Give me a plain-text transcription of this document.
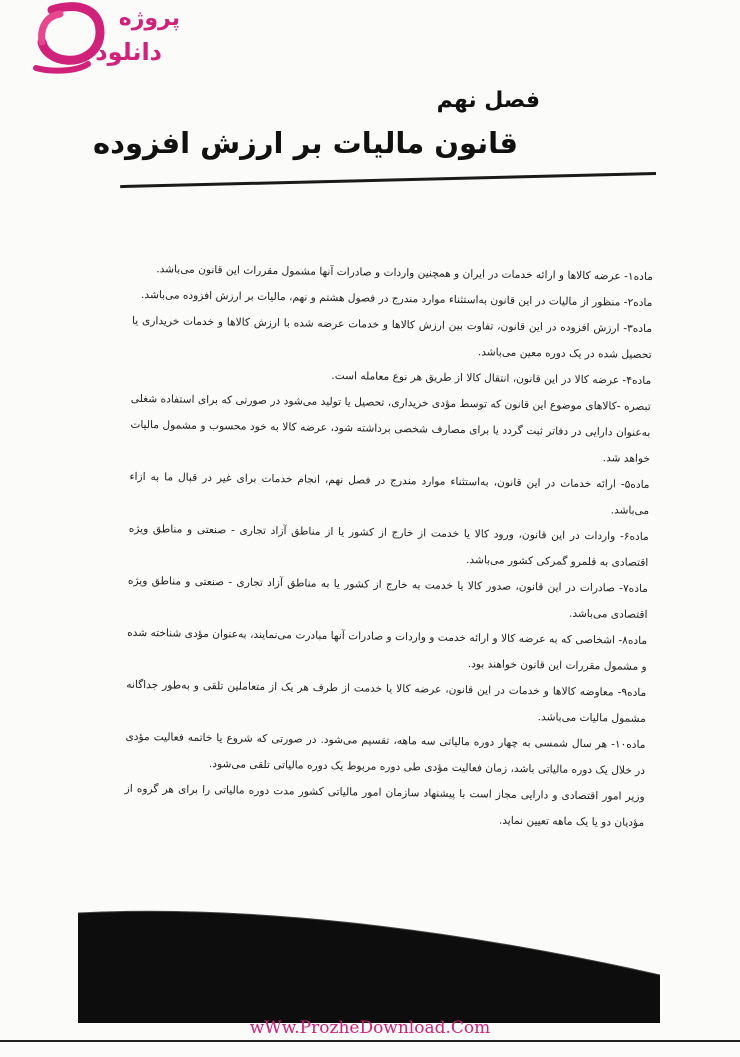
پروژه
دانلود
فصل نهم
قانون مالیات بر ارزش افزوده

ماده۱- عرضه کالاها و ارائه خدمات در ایران و همچنین واردات و صادرات آنها مشمول مقررات این قانون می‌باشد.

ماده۲- منظور از مالیات در این قانون به‌استثناء موارد مندرج در فصول هشتم و نهم، مالیات بر ارزش افزوده می‌باشد.

ماده۳- ارزش افزوده در این قانون، تفاوت بین ارزش کالاها و خدمات عرضه شده با ارزش کالاها و خدمات خریداری یا تحصیل شده در یک دوره معین می‌باشد.

ماده۴- عرضه کالا در این قانون، انتقال کالا از طریق هر نوع معامله است.

تبصره -کالاهای موضوع این قانون که توسط مؤدی خریداری، تحصیل یا تولید می‌شود در صورتی که برای استفاده شغلی به‌عنوان دارایی در دفاتر ثبت گردد یا برای مصارف شخصی برداشته شود، عرضه کالا به خود محسوب و مشمول مالیات خواهد شد.

ماده۵- ارائه خدمات در این قانون، به‌استثناء موارد مندرج در فصل نهم، انجام خدمات برای غیر در قبال ما به ازاء می‌باشد.

ماده۶- واردات در این قانون، ورود کالا یا خدمت از خارج از کشور یا از مناطق آزاد تجاری - صنعتی و مناطق ویژه اقتصادی به قلمرو گمرکی کشور می‌باشد.

ماده۷- صادرات در این قانون، صدور کالا یا خدمت به خارج از کشور یا به مناطق آزاد تجاری - صنعتی و مناطق ویژه اقتصادی می‌باشد.

ماده۸- اشخاصی که به عرضه کالا و ارائه خدمت و واردات و صادرات آنها مبادرت می‌نمایند، به‌عنوان مؤدی شناخته شده و مشمول مقررات این قانون خواهند بود.

ماده۹- معاوضه کالاها و خدمات در این قانون، عرضه کالا یا خدمت از طرف هر یک از متعاملین تلقی و به‌طور جداگانه مشمول مالیات می‌باشد.

ماده۱۰- هر سال شمسی به چهار دوره مالیاتی سه ماهه، تقسیم می‌شود. در صورتی که شروع یا خاتمه فعالیت مؤدی در خلال یک دوره مالیاتی باشد، زمان فعالیت مؤدی طی دوره مربوط یک دوره مالیاتی تلقی می‌شود.

وزیر امور اقتصادی و دارایی مجاز است با پیشنهاد سازمان امور مالیاتی کشور مدت دوره مالیاتی را برای هر گروه از مؤدیان دو یا یک ماهه تعیین نماید.

wWw.ProzheDownload.Com
